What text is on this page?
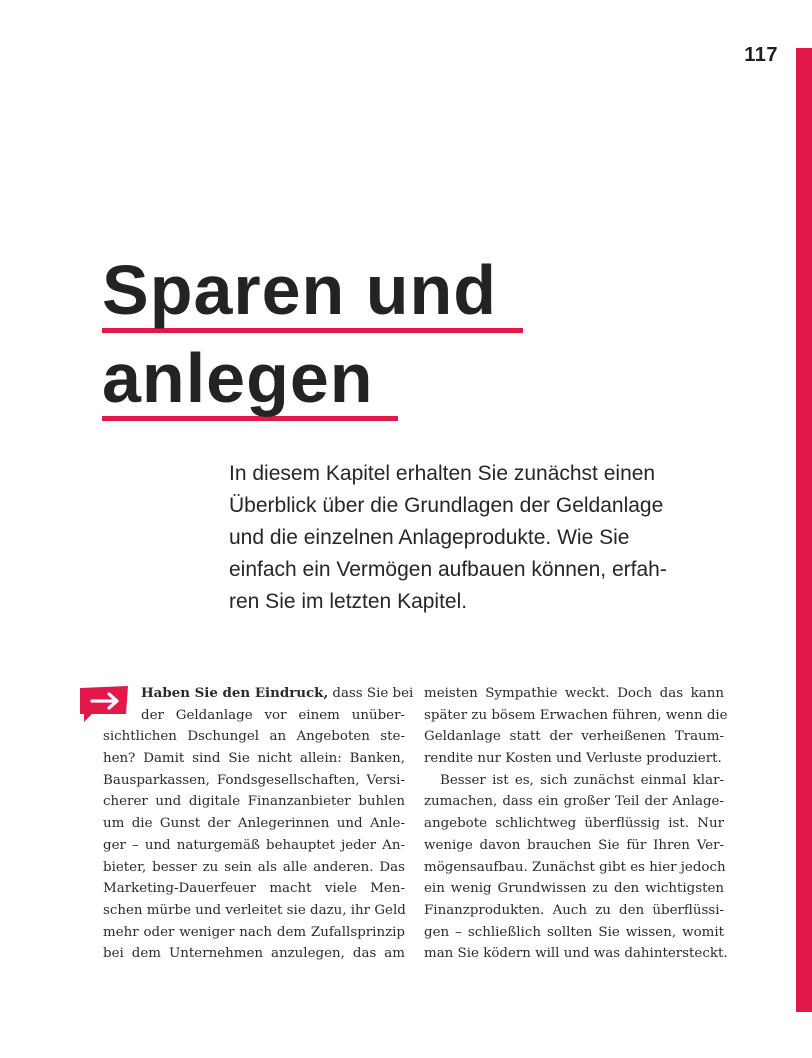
117
Sparen und
anlegen

In diesem Kapitel erhalten Sie zunächst einen
Überblick über die Grundlagen der Geldanlage
und die einzelnen Anlageprodukte. Wie Sie
einfach ein Vermögen aufbauen können, erfah-
ren Sie im letzten Kapitel.

Haben Sie den Eindruck, dass Sie bei
der Geldanlage vor einem unüber-
sichtlichen Dschungel an Angeboten ste-
hen? Damit sind Sie nicht allein: Banken,
Bausparkassen, Fondsgesellschaften, Versi-
cherer und digitale Finanzanbieter buhlen
um die Gunst der Anlegerinnen und Anle-
ger – und naturgemäß behauptet jeder An-
bieter, besser zu sein als alle anderen. Das
Marketing-Dauerfeuer macht viele Men-
schen mürbe und verleitet sie dazu, ihr Geld
mehr oder weniger nach dem Zufallsprinzip
bei dem Unternehmen anzulegen, das am
meisten Sympathie weckt. Doch das kann
später zu bösem Erwachen führen, wenn die
Geldanlage statt der verheißenen Traum-
rendite nur Kosten und Verluste produziert.
Besser ist es, sich zunächst einmal klar-
zumachen, dass ein großer Teil der Anlage-
angebote schlichtweg überflüssig ist. Nur
wenige davon brauchen Sie für Ihren Ver-
mögensaufbau. Zunächst gibt es hier jedoch
ein wenig Grundwissen zu den wichtigsten
Finanzprodukten. Auch zu den überflüssi-
gen – schließlich sollten Sie wissen, womit
man Sie ködern will und was dahintersteckt.
